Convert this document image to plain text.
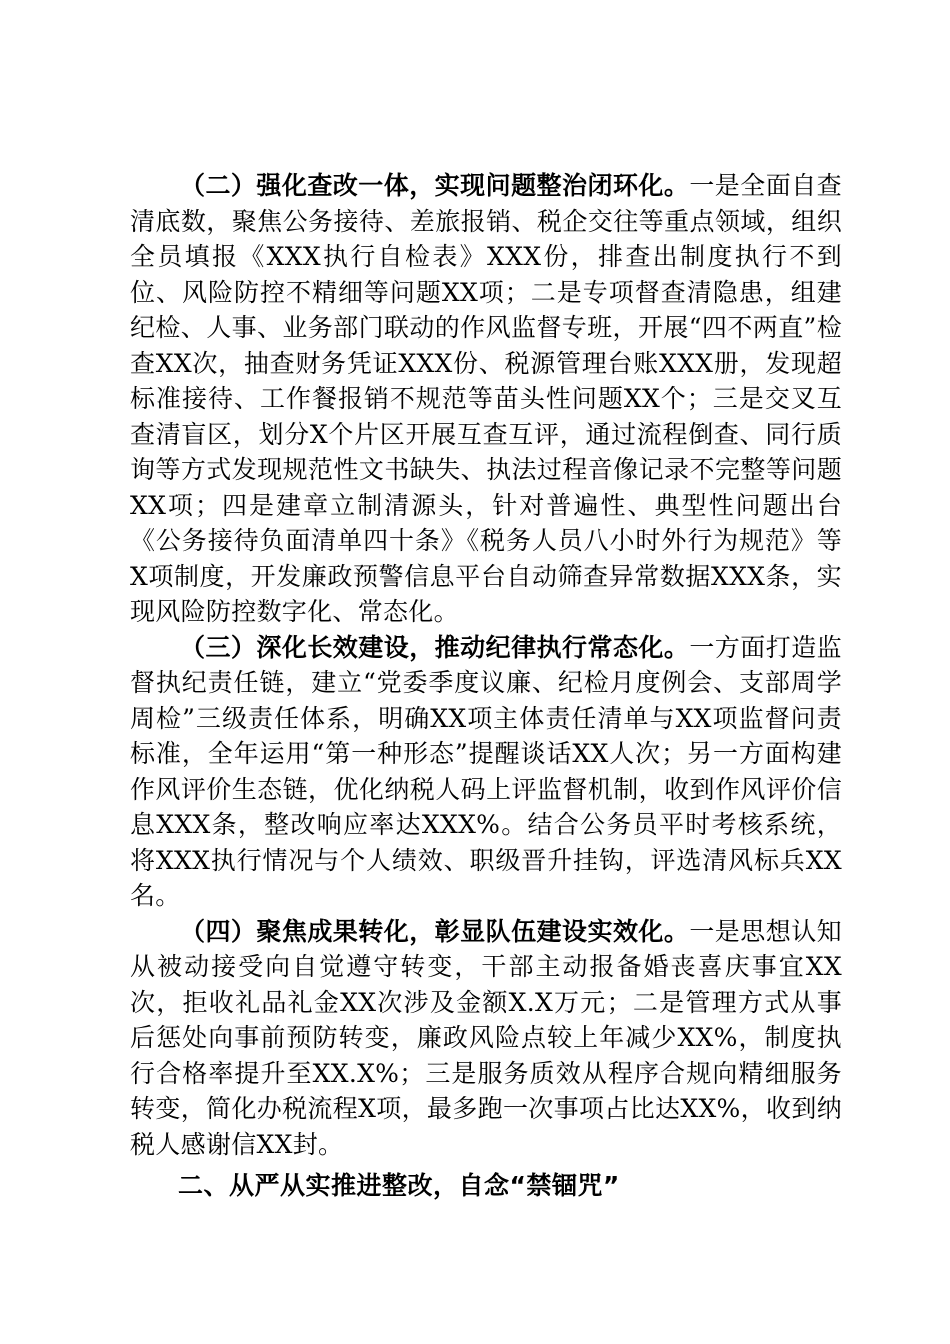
（二）强化查改一体，实现问题整治闭环化。一是全面自查清底数，聚焦公务接待、差旅报销、税企交往等重点领域，组织全员填报《XXX执行自检表》XXX份，排查出制度执行不到位、风险防控不精细等问题XX项；二是专项督查清隐患，组建纪检、人事、业务部门联动的作风监督专班，开展“四不两直”检查XX次，抽查财务凭证XXX份、税源管理台账XXX册，发现超标准接待、工作餐报销不规范等苗头性问题XX个；三是交叉互查清盲区，划分X个片区开展互查互评，通过流程倒查、同行质询等方式发现规范性文书缺失、执法过程音像记录不完整等问题XX项；四是建章立制清源头，针对普遍性、典型性问题出台《公务接待负面清单四十条》《税务人员八小时外行为规范》等X项制度，开发廉政预警信息平台自动筛查异常数据XXX条，实现风险防控数字化、常态化。

（三）深化长效建设，推动纪律执行常态化。一方面打造监督执纪责任链，建立“党委季度议廉、纪检月度例会、支部周学周检”三级责任体系，明确XX项主体责任清单与XX项监督问责标准，全年运用“第一种形态”提醒谈话XX人次；另一方面构建作风评价生态链，优化纳税人码上评监督机制，收到作风评价信息XXX条，整改响应率达XXX%。结合公务员平时考核系统，将XXX执行情况与个人绩效、职级晋升挂钩，评选清风标兵XX名。

（四）聚焦成果转化，彰显队伍建设实效化。一是思想认知从被动接受向自觉遵守转变，干部主动报备婚丧喜庆事宜XX次，拒收礼品礼金XX次涉及金额X.X万元；二是管理方式从事后惩处向事前预防转变，廉政风险点较上年减少XX%，制度执行合格率提升至XX.X%；三是服务质效从程序合规向精细服务转变，简化办税流程X项，最多跑一次事项占比达XX%，收到纳税人感谢信XX封。

二、从严从实推进整改，自念“禁锢咒”
